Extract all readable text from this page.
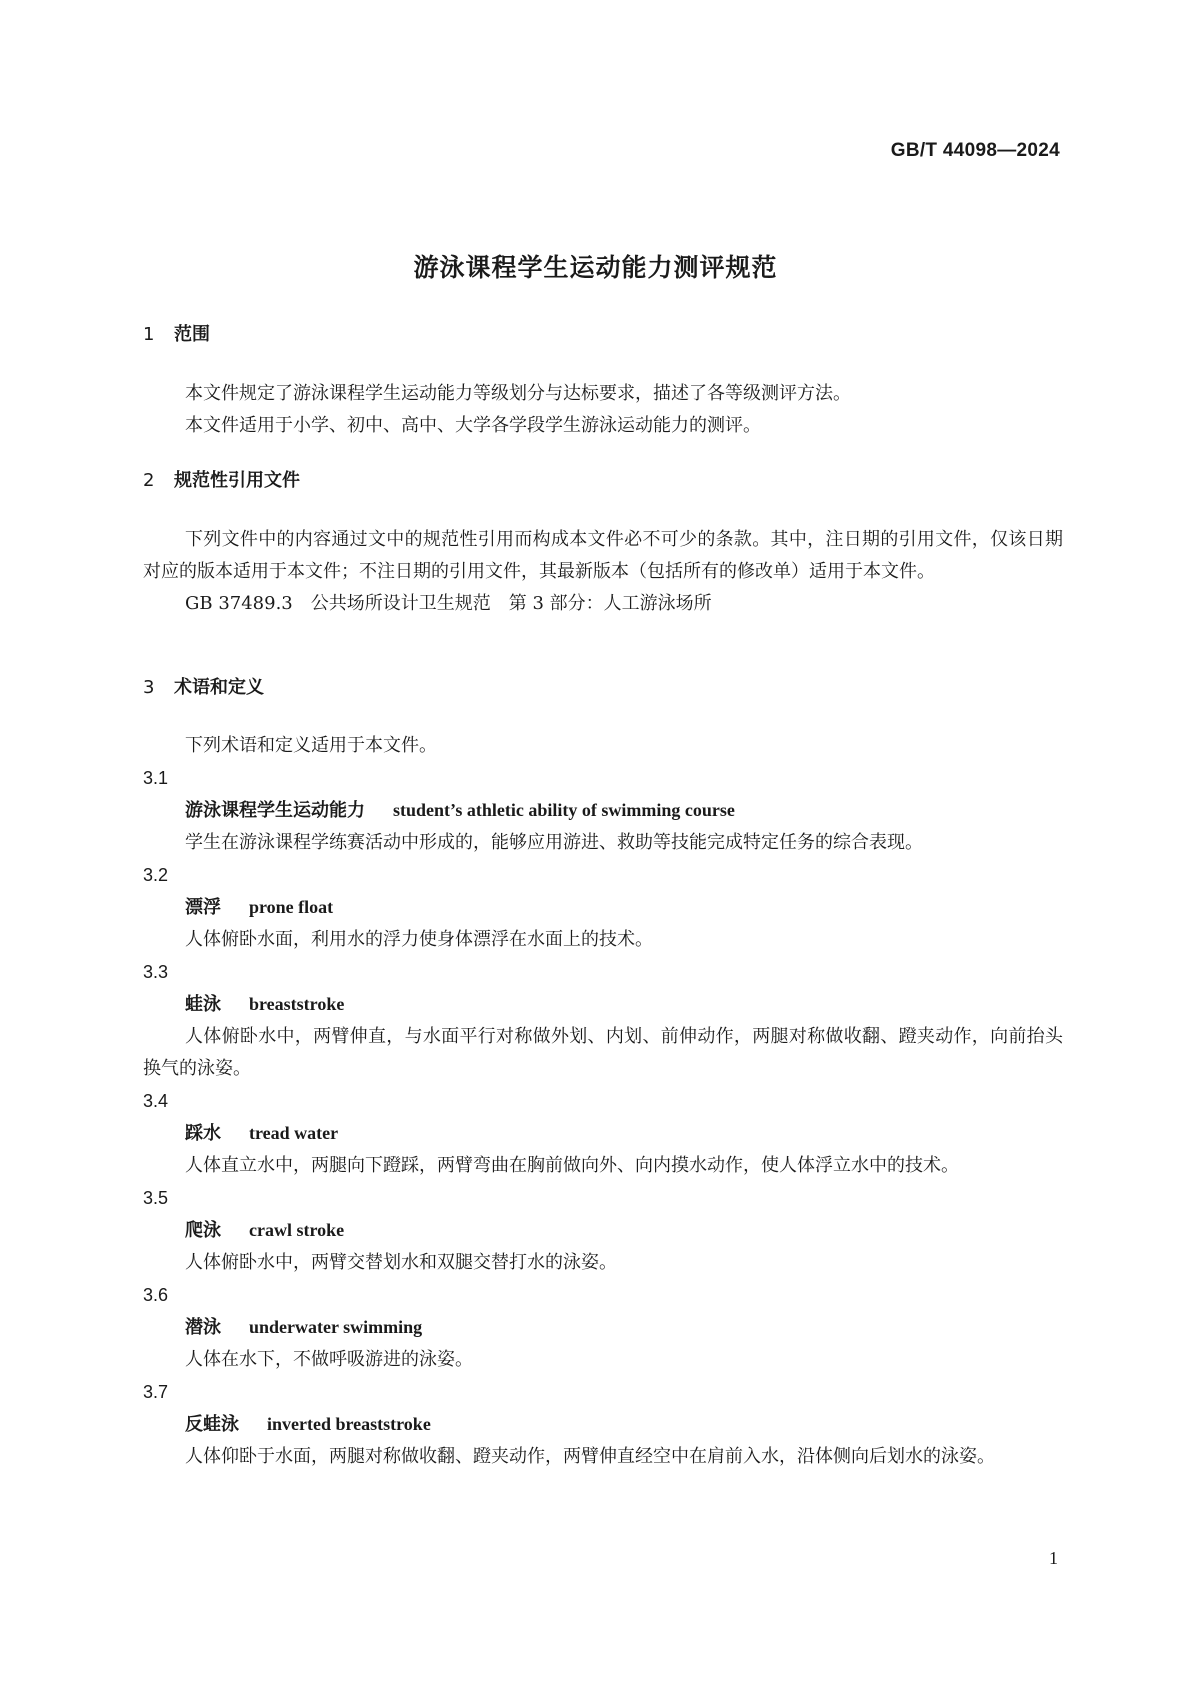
GB/T 44098—2024
游泳课程学生运动能力测评规范
1 范围

本文件规定了游泳课程学生运动能力等级划分与达标要求，描述了各等级测评方法。

本文件适用于小学、初中、高中、大学各学段学生游泳运动能力的测评。

2 规范性引用文件

下列文件中的内容通过文中的规范性引用而构成本文件必不可少的条款。其中，注日期的引用文件，仅该日期对应的版本适用于本文件；不注日期的引用文件，其最新版本（包括所有的修改单）适用于本文件。

GB 37489.3　公共场所设计卫生规范　第 3 部分：人工游泳场所
3 术语和定义

下列术语和定义适用于本文件。

3.1
游泳课程学生运动能力 student’s athletic ability of swimming course

学生在游泳课程学练赛活动中形成的，能够应用游进、救助等技能完成特定任务的综合表现。

3.2
漂浮 prone float

人体俯卧水面，利用水的浮力使身体漂浮在水面上的技术。

3.3
蛙泳 breaststroke

人体俯卧水中，两臂伸直，与水面平行对称做外划、内划、前伸动作，两腿对称做收翻、蹬夹动作，向前抬头换气的泳姿。

3.4
踩水 tread water

人体直立水中，两腿向下蹬踩，两臂弯曲在胸前做向外、向内摸水动作，使人体浮立水中的技术。

3.5
爬泳 crawl stroke

人体俯卧水中，两臂交替划水和双腿交替打水的泳姿。

3.6
潜泳 underwater swimming

人体在水下，不做呼吸游进的泳姿。

3.7
反蛙泳 inverted breaststroke

人体仰卧于水面，两腿对称做收翻、蹬夹动作，两臂伸直经空中在肩前入水，沿体侧向后划水的泳姿。

1
